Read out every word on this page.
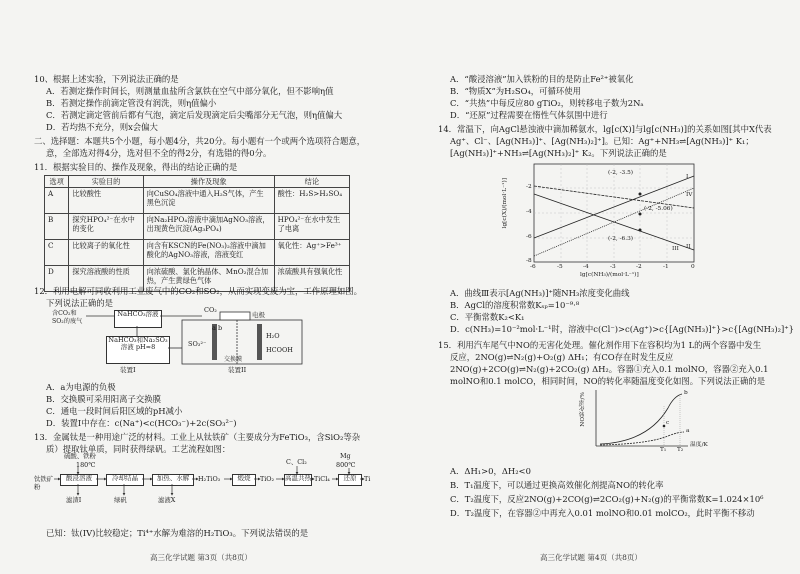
10、根据上述实验，下列说法正确的是
A．若测定操作时间长，则测量血盐所含氯铁在空气中部分氧化，但不影响η值
B．若测定操作前滴定管没有润洗，则η值偏小
C．若测定滴定管前后都有气泡，滴定后发现滴定后尖嘴部分无气泡，则η值偏大
D．若均热不充分，则x会偏大
二、选择题：本题共5个小题，每小题4分，共20分。每小题有一个或两个选项符合题意，
意，全部选对得4分，选对但不全的得2分，有选错的得0分。
11．根据实验目的、操作及现象，得出的结论正确的是
选项	实验目的	操作及现象	结论
A	比较酸性	向CuSO₄溶液中通入H₂S气体，产生黑色沉淀	酸性：H₂S>H₂SO₄
B	探究HPO₄²⁻在水中的变化	向Na₂HPO₄溶液中滴加AgNO₃溶液，出现黄色沉淀(Ag₃PO₄)	HPO₄²⁻在水中发生了电离
C	比较离子的氧化性	向含有KSCN的Fe(NO₃)₂溶液中滴加酸化的AgNO₃溶液，溶液变红	氧化性：Ag⁺>Fe³⁺
D	探究溶液酸的性质	向浓硫酸、氯化钠晶体、MnO₂混合加热，产生黄绿色气体	浓硫酸具有强氧化性
12．利用电解可同收利用工业废气中的CO₂和SO₂，从而实现变废为宝，工作原理如图。
下列说法正确的是
含CO₂和SO₂的废气
NaHCO₃溶液
NaHCO₃和Na₂SO₃溶液 pH≈8
装置I
CO₂
电极
SO₃²⁻
a b
交换膜
H₂O
HCOOH
装置II
A．a为电源的负极
B．交换膜可采用阳离子交换膜
C．通电一段时间后阳区域的pH减小
D．装置I中存在：c(Na⁺)<c(HCO₃⁻)+2c(SO₃²⁻)
13．金属钛是一种用途广泛的材料。工业上从钛铁矿（主要成分为FeTiO₃，含SiO₂等杂
质）提取钛单质，同时获得绿矾。工艺流程如图：
硫酸、铁粉
180℃
钛铁矿粉
酸浸溶液	冷却结晶	加热、水解	H₂TiO₃	煅烧	TiO₂ 高温共热 TiCl₄	还原
C、Cl₂
Mg
800℃
Ti
滤渣I	绿矾	滤液X
已知：钛(IV)比较稳定；Ti⁴⁺水解为难溶的H₂TiO₃。下列说法错误的是
高三化学试题 第3页（共8页）
A．“酸浸溶液”加入铁粉的目的是防止Fe²⁺被氧化
B．“物质X”为H₂SO₄，可循环使用
C．“共热”中每反应80 gTiO₂，则转移电子数为2Nₐ
D．“还原”过程需要在惰性气体氛围中进行
14．常温下，向AgCl悬浊液中滴加稀氨水，lg[c(X)]与lg[c(NH₃)]的关系如图[其中X代表
Ag⁺、Cl⁻、[Ag(NH₃)]⁺、[Ag(NH₃)₂]⁺]。已知：Ag⁺+NH₃⇌[Ag(NH₃)]⁺ K₁；
[Ag(NH₃)]⁺+NH₃⇌[Ag(NH₃)₂]⁺ K₂。下列说法正确的是
lg[c(X)/(mol·L⁻¹)]	-2
-4
-6
-8
-6	-5	-4	-3	-2	-1	0
lg[c(NH₃)/(mol·L⁻¹)]
(-2, -3.5)
(-2, -5.06)
(-2, -6.3)
I
II
III
IV
A．曲线Ⅲ表示[Ag(NH₃)]⁺随NH₃浓度变化曲线
B．AgCl的溶度积常数Kₛₚ=10⁻⁹·⁸
C．平衡常数K₂<K₁
D．c(NH₃)=10⁻²mol·L⁻¹时，溶液中c(Cl⁻)>c(Ag⁺)>c{[Ag(NH₃)]⁺}>c{[Ag(NH₃)₂]⁺}
15．利用汽车尾气中NO的无害化处理。催化剂作用下在容积均为1 L的两个容器中发生
反应，2NO(g)⇌N₂(g)+O₂(g) ΔH₁；有CO存在时发生反应
2NO(g)+2CO(g)⇌N₂(g)+2CO₂(g) ΔH₂。容器①充入0.1 molNO，容器②充入0.1
molNO和0.1 molCO，相同时间，NO的转化率随温度变化如图。下列说法正确的是
NO转化率/%
T₁ T₂
温度/K
b
c
a
A．ΔH₁>0，ΔH₂<0
B．T₁温度下，可以通过更换高效催化剂提高NO的转化率
C．T₂温度下，反应2NO(g)+2CO(g)⇌2CO₂(g)+N₂(g)的平衡常数K=1.024×10⁶
D．T₂温度下，在容器②中再充入0.01 molNO和0.01 molCO₂，此时平衡不移动
高三化学试题 第4页（共8页）
